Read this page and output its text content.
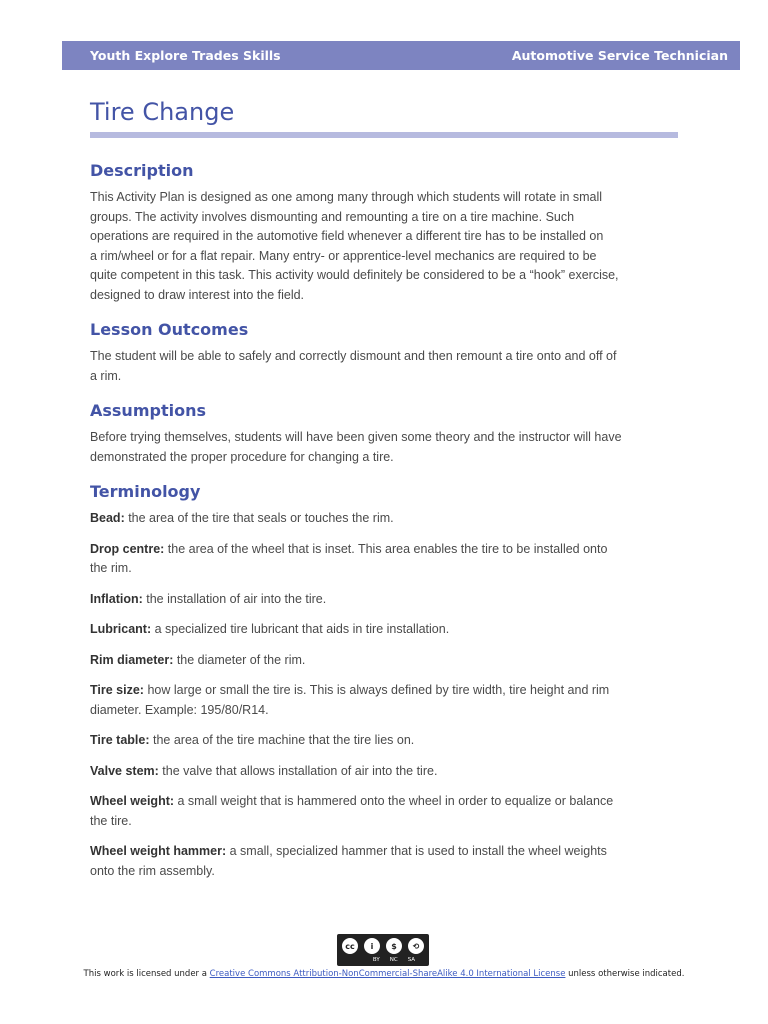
Youth Explore Trades Skills	Automotive Service Technician
Tire Change
Description

This Activity Plan is designed as one among many through which students will rotate in small
groups. The activity involves dismounting and remounting a tire on a tire machine. Such
operations are required in the automotive field whenever a different tire has to be installed on
a rim/wheel or for a flat repair. Many entry- or apprentice-level mechanics are required to be
quite competent in this task. This activity would definitely be considered to be a “hook” exercise,
designed to draw interest into the field.

Lesson Outcomes

The student will be able to safely and correctly dismount and then remount a tire onto and off of
a rim.

Assumptions

Before trying themselves, students will have been given some theory and the instructor will have
demonstrated the proper procedure for changing a tire.

Terminology

Bead: the area of the tire that seals or touches the rim.

Drop centre: the area of the wheel that is inset. This area enables the tire to be installed onto
the rim.

Inflation: the installation of air into the tire.

Lubricant: a specialized tire lubricant that aids in tire installation.

Rim diameter: the diameter of the rim.

Tire size: how large or small the tire is. This is always defined by tire width, tire height and rim
diameter. Example: 195/80/R14.

Tire table: the area of the tire machine that the tire lies on.

Valve stem: the valve that allows installation of air into the tire.

Wheel weight: a small weight that is hammered onto the wheel in order to equalize or balance
the tire.

Wheel weight hammer: a small, specialized hammer that is used to install the wheel weights
onto the rim assembly.

cc	i	$	⟲
BY NC SA
This work is licensed under a Creative Commons Attribution-NonCommercial-ShareAlike 4.0 International License unless otherwise indicated.
